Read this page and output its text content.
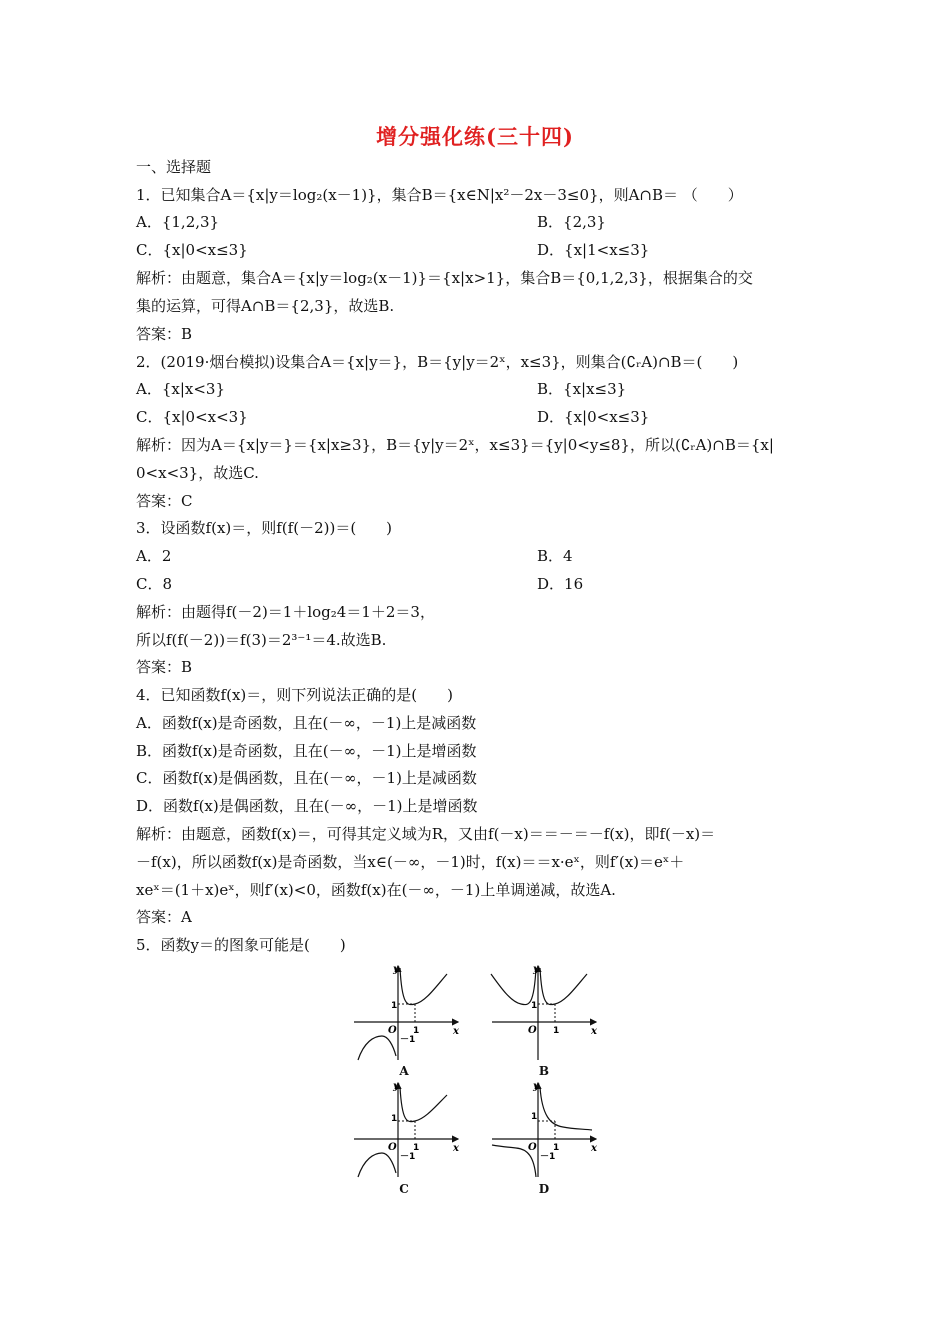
增分强化练(三十四)
一、选择题
1．已知集合A＝{x|y＝log₂(x－1)}，集合B＝{x∈N|x²－2x－3≤0}，则A∩B＝ （　　）
A．{1,2,3}	B．{2,3}
C．{x|0<x≤3}	D．{x|1<x≤3}
解析：由题意，集合A＝{x|y＝log₂(x－1)}＝{x|x>1}，集合B＝{0,1,2,3}，根据集合的交
集的运算，可得A∩B＝{2,3}，故选B.
答案：B
2．(2019·烟台模拟)设集合A＝{x|y＝}，B＝{y|y＝2ˣ，x≤3}，则集合(∁ᵣA)∩B＝(　　)
A．{x|x<3}	B．{x|x≤3}
C．{x|0<x<3}	D．{x|0<x≤3}
解析：因为A＝{x|y＝}＝{x|x≥3}，B＝{y|y＝2ˣ，x≤3}＝{y|0<y≤8}，所以(∁ᵣA)∩B＝{x|
0<x<3}，故选C.
答案：C
3．设函数f(x)＝，则f(f(－2))＝(　　)
A．2	B．4
C．8	D．16
解析：由题得f(－2)＝1＋log₂4＝1＋2＝3，
所以f(f(－2))＝f(3)＝2³⁻¹＝4.故选B.
答案：B
4．已知函数f(x)＝，则下列说法正确的是(　　)
A．函数f(x)是奇函数，且在(－∞，－1)上是减函数
B．函数f(x)是奇函数，且在(－∞，－1)上是增函数
C．函数f(x)是偶函数，且在(－∞，－1)上是减函数
D．函数f(x)是偶函数，且在(－∞，－1)上是增函数
解析：由题意，函数f(x)＝，可得其定义域为R，又由f(－x)＝＝－＝－f(x)，即f(－x)＝
－f(x)，所以函数f(x)是奇函数，当x∈(－∞，－1)时，f(x)＝＝x·eˣ，则f′(x)＝eˣ＋
xeˣ＝(1＋x)eˣ，则f′(x)<0，函数f(x)在(－∞，－1)上单调递减，故选A.
答案：A
5．函数y＝的图象可能是(　　)
y
x
O
1
1
－1
A
y
x
O
1
1
B
y
x
O
1
1
－1
C
y
x
O
1
1
－1
D
